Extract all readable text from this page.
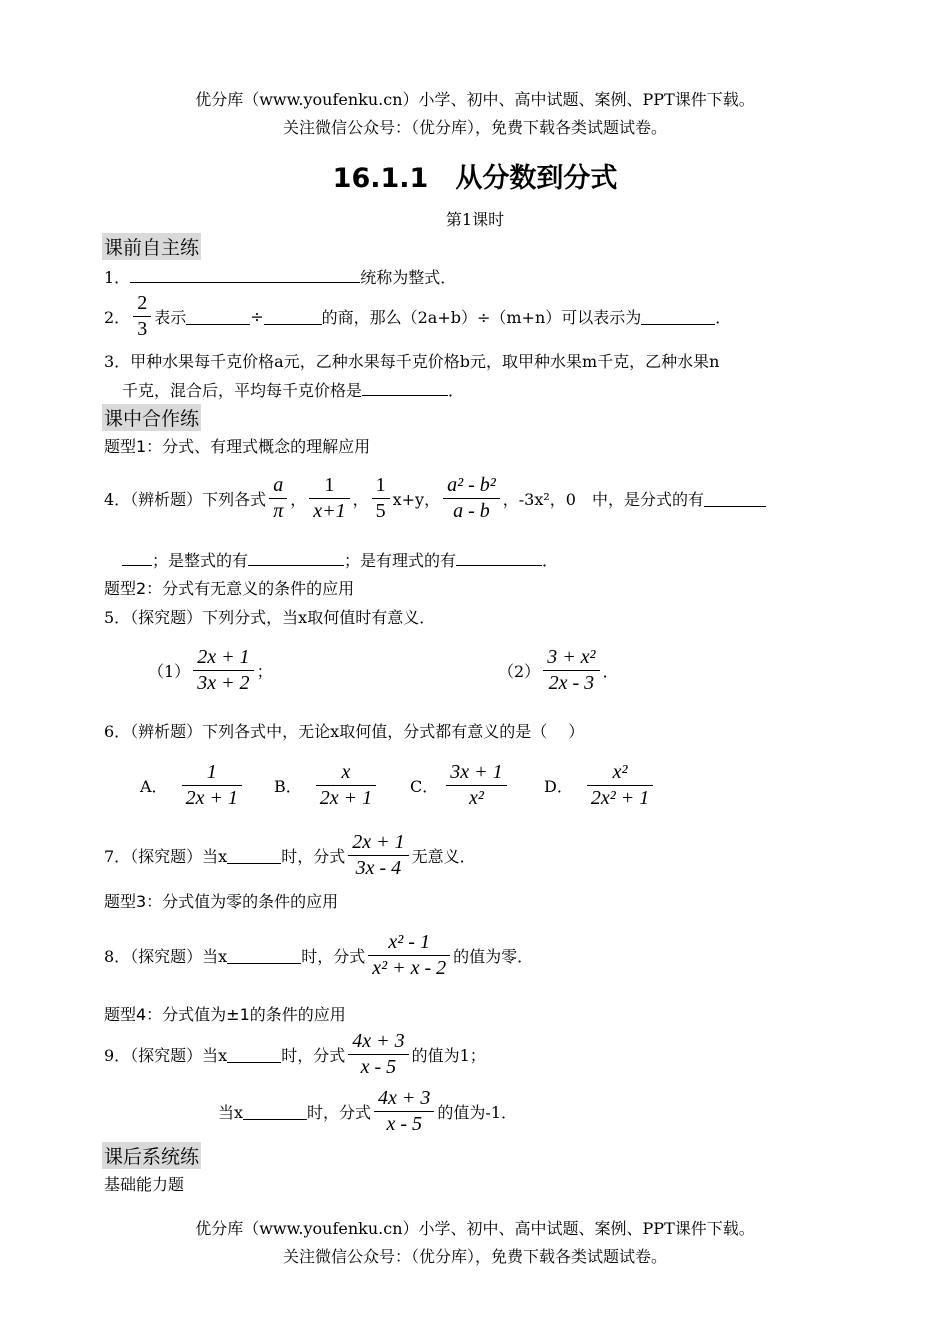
优分库（www.youfenku.cn）小学、初中、高中试题、案例、PPT课件下载。
关注微信公众号：（优分库），免费下载各类试题试卷。
16.1.1　从分数到分式
第1课时
课前自主练
1．	统称为整式．
2． $\frac{2}{3}$ 表示	÷	的商，那么（2a+b）÷（m+n）可以表示为	．
3．甲种水果每千克价格a元，乙种水果每千克价格b元，取甲种水果m千克，乙种水果n
千克，混合后，平均每千克价格是	．
课中合作练
题型1：分式、有理式概念的理解应用
4．（辨析题）下列各式 $\frac{a}{\pi}$ ， $\frac{1}{x+1}$ ， $\frac{1}{5} x+y$， $\frac{\text{a² - b²}}{a - b}$ ，-3x²，0　中，是分式的有
；是整式的有	；是有理式的有	．
题型2：分式有无意义的条件的应用
5．（探究题）下列分式，当x取何值时有意义．
$(1) \frac{2x + 1}{3x + 2}$ ；	$(2) \frac{\text{3 + x²}}{2x - 3}$ ．
6．（辨析题）下列各式中，无论x取何值，分式都有意义的是（　 ）
A． $\frac{1}{2x + 1}$ B． $\frac{x}{2x + 1}$ C． $\frac{3x + 1}{\text{x²}}$ D． $\frac{\text{x²}}{\text{2x² + 1}}$
7．（探究题）当x	时，分式 $\frac{2x + 1}{3x - 4}$ 无意义．
题型3：分式值为零的条件的应用
8．（探究题）当x	时，分式 $\frac{\text{x² - 1}}{\text{x² + x - 2}}$ 的值为零．
题型4：分式值为±1的条件的应用
9．（探究题）当x	时，分式 $\frac{4x + 3}{x - 5}$ 的值为1；
当x	时，分式 $\frac{4x + 3}{x - 5}$ 的值为-1．
课后系统练
基础能力题
优分库（www.youfenku.cn）小学、初中、高中试题、案例、PPT课件下载。
关注微信公众号：（优分库），免费下载各类试题试卷。
